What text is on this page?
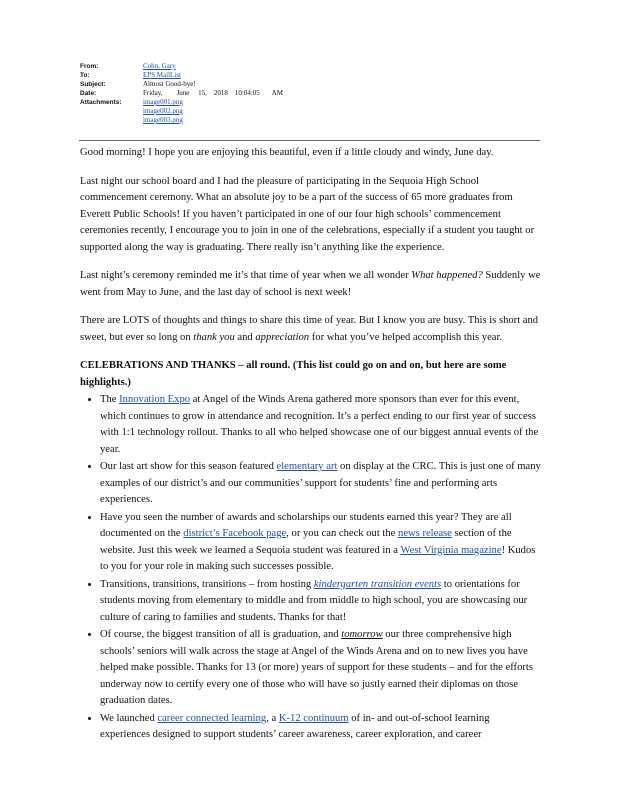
From:	Cohn, Gary
To:	EPS MailList
Subject:	Almost Good-bye!
Date:	Friday,        June     15,    2018    10:04:05       AM
Attachments:	image001.png
image002.png
image003.png

Good morning! I hope you are enjoying this beautiful, even if a little cloudy and windy, June day.

Last night our school board and I had the pleasure of participating in the Sequoia High School commencement ceremony. What an absolute joy to be a part of the success of 65 more graduates from Everett Public Schools! If you haven’t participated in one of our four high schools’ commencement ceremonies recently, I encourage you to join in one of the celebrations, especially if a student you taught or supported along the way is graduating. There really isn’t anything like the experience.

Last night’s ceremony reminded me it’s that time of year when we all wonder What happened? Suddenly we went from May to June, and the last day of school is next week!

There are LOTS of thoughts and things to share this time of year. But I know you are busy. This is short and sweet, but ever so long on thank you and appreciation for what you’ve helped accomplish this year.

CELEBRATIONS AND THANKS – all round. (This list could go on and on, but here are some highlights.)
• The Innovation Expo at Angel of the Winds Arena gathered more sponsors than ever for this event, which continues to grow in attendance and recognition. It’s a perfect ending to our first year of success with 1:1 technology rollout. Thanks to all who helped showcase one of our biggest annual events of the year.
• Our last art show for this season featured elementary art on display at the CRC. This is just one of many examples of our district’s and our communities’ support for students’ fine and performing arts experiences.
• Have you seen the number of awards and scholarships our students earned this year? They are all documented on the district’s Facebook page, or you can check out the news release section of the website. Just this week we learned a Sequoia student was featured in a West Virginia magazine! Kudos to you for your role in making such successes possible.
• Transitions, transitions, transitions – from hosting kindergarten transition events to orientations for students moving from elementary to middle and from middle to high school, you are showcasing our culture of caring to families and students. Thanks for that!
• Of course, the biggest transition of all is graduation, and tomorrow our three comprehensive high schools’ seniors will walk across the stage at Angel of the Winds Arena and on to new lives you have helped make possible. Thanks for 13 (or more) years of support for these students – and for the efforts underway now to certify every one of those who will have so justly earned their diplomas on those graduation dates.
• We launched career connected learning, a K-12 continuum of in- and out-of-school learning experiences designed to support students’ career awareness, career exploration, and career
